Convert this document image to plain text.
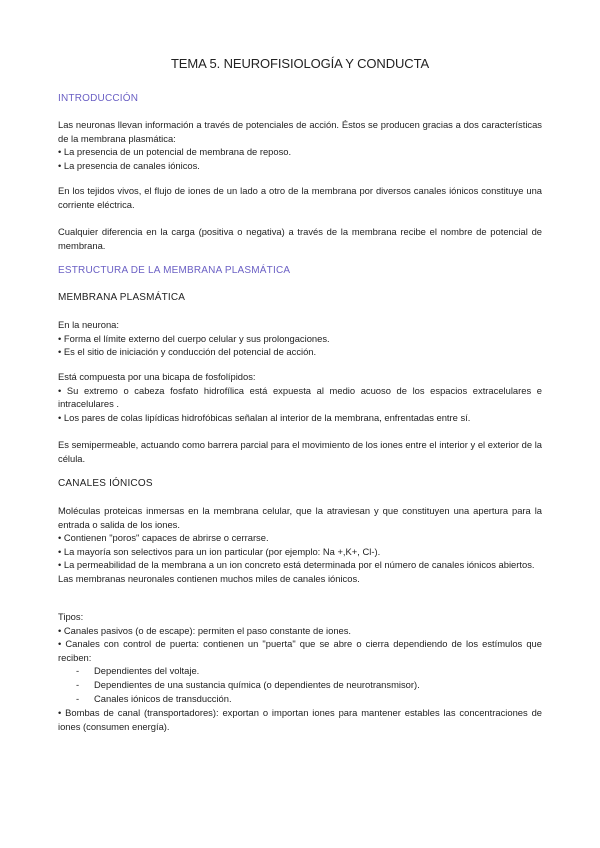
TEMA 5. NEUROFISIOLOGÍA Y CONDUCTA
INTRODUCCIÓN
Las neuronas llevan información a través de potenciales de acción. Éstos se producen gracias a dos características de la membrana plasmática:
• La presencia de un potencial de membrana de reposo.
• La presencia de canales iónicos.
En los tejidos vivos, el flujo de iones de un lado a otro de la membrana por diversos canales iónicos constituye una corriente eléctrica.
Cualquier diferencia en la carga (positiva o negativa) a través de la membrana recibe el nombre de potencial de membrana.
ESTRUCTURA DE LA MEMBRANA PLASMÁTICA
MEMBRANA PLASMÁTICA
En la neurona:
• Forma el límite externo del cuerpo celular y sus prolongaciones.
• Es el sitio de iniciación y conducción del potencial de acción.
Está compuesta por una bicapa de fosfolípidos:
• Su extremo o cabeza fosfato hidrofílica está expuesta al medio acuoso de los espacios extracelulares e intracelulares .
• Los pares de colas lipídicas hidrofóbicas señalan al interior de la membrana, enfrentadas entre sí.
Es semipermeable, actuando como barrera parcial para el movimiento de los iones entre el interior y el exterior de la célula.
CANALES IÓNICOS
Moléculas proteicas inmersas en la membrana celular, que la atraviesan y que constituyen una apertura para la entrada o salida de los iones.
• Contienen "poros" capaces de abrirse o cerrarse.
• La mayoría son selectivos para un ion particular (por ejemplo: Na +,K+, Cl-).
• La permeabilidad de la membrana a un ion concreto está determinada por el número de canales iónicos abiertos.
Las membranas neuronales contienen muchos miles de canales iónicos.
Tipos:
• Canales pasivos (o de escape): permiten el paso constante de iones.
• Canales con control de puerta: contienen un "puerta" que se abre o cierra dependiendo de los estímulos que reciben:
- Dependientes del voltaje.
- Dependientes de una sustancia química (o dependientes de neurotransmisor).
- Canales iónicos de transducción.
• Bombas de canal (transportadores): exportan o importan iones para mantener estables las concentraciones de iones (consumen energía).
